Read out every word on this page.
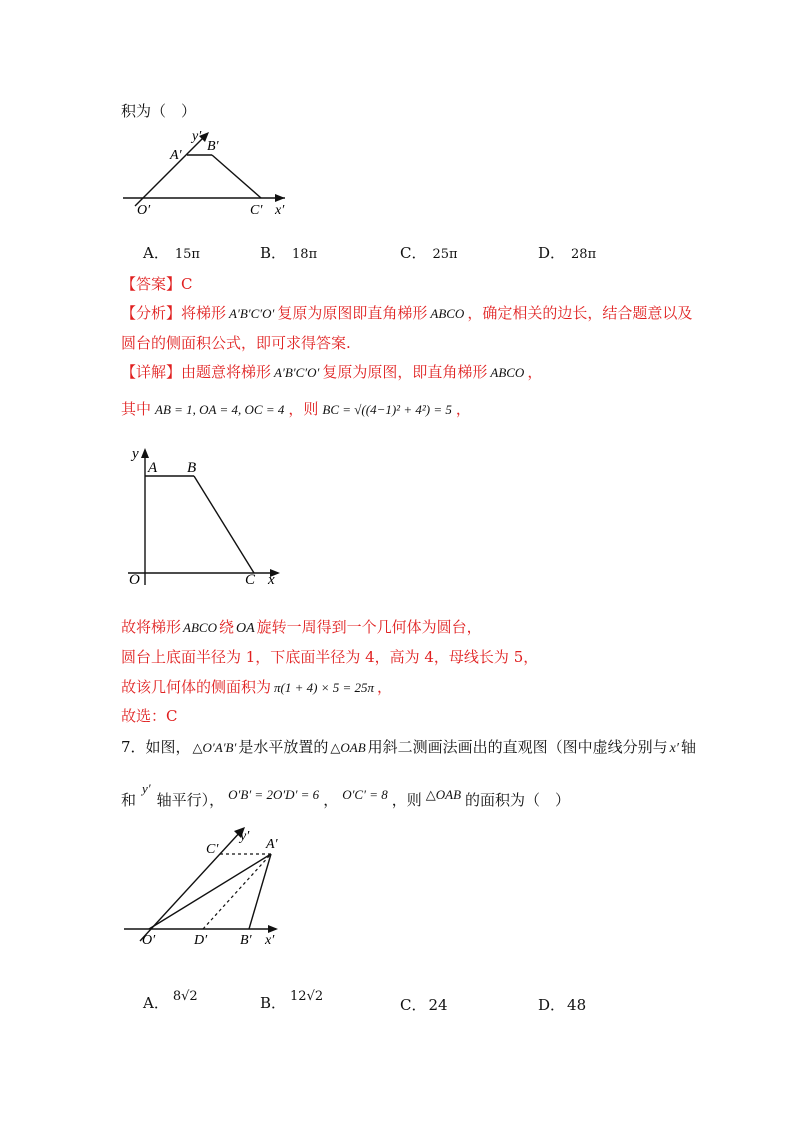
积为（　）
A′
B′
y′
O′	C′ x′
A． 15π	B． 18π	C． 25π	D． 28π
【答案】C
【分析】将梯形 A′B′C′O′ 复原为原图即直角梯形 ABCO ，确定相关的边长，结合题意以及
圆台的侧面积公式，即可求得答案.
【详解】由题意将梯形 A′B′C′O′ 复原为原图，即直角梯形 ABCO ，
其中 AB = 1, OA = 4, OC = 4 ，则 BC = √((4−1)² + 4²) = 5 ，
y
A B
O	C x
故将梯形 ABCO 绕 OA 旋转一周得到一个几何体为圆台，
圆台上底面半径为 1，下底面半径为 4，高为 4，母线长为 5，
故该几何体的侧面积为 π(1 + 4) × 5 = 25π ，
故选：C
7．如图， △O′A′B′ 是水平放置的 △OAB 用斜二测画法画出的直观图（图中虚线分别与 x′ 轴
和y′轴平行）， O′B′ = 2O′D′ = 6 ， O′C′ = 8 ，则 △OAB 的面积为（　）
C′
y′
A′
O′	D′ B′ x′
A． 8√2	B． 12√2	C． 24	D． 48
